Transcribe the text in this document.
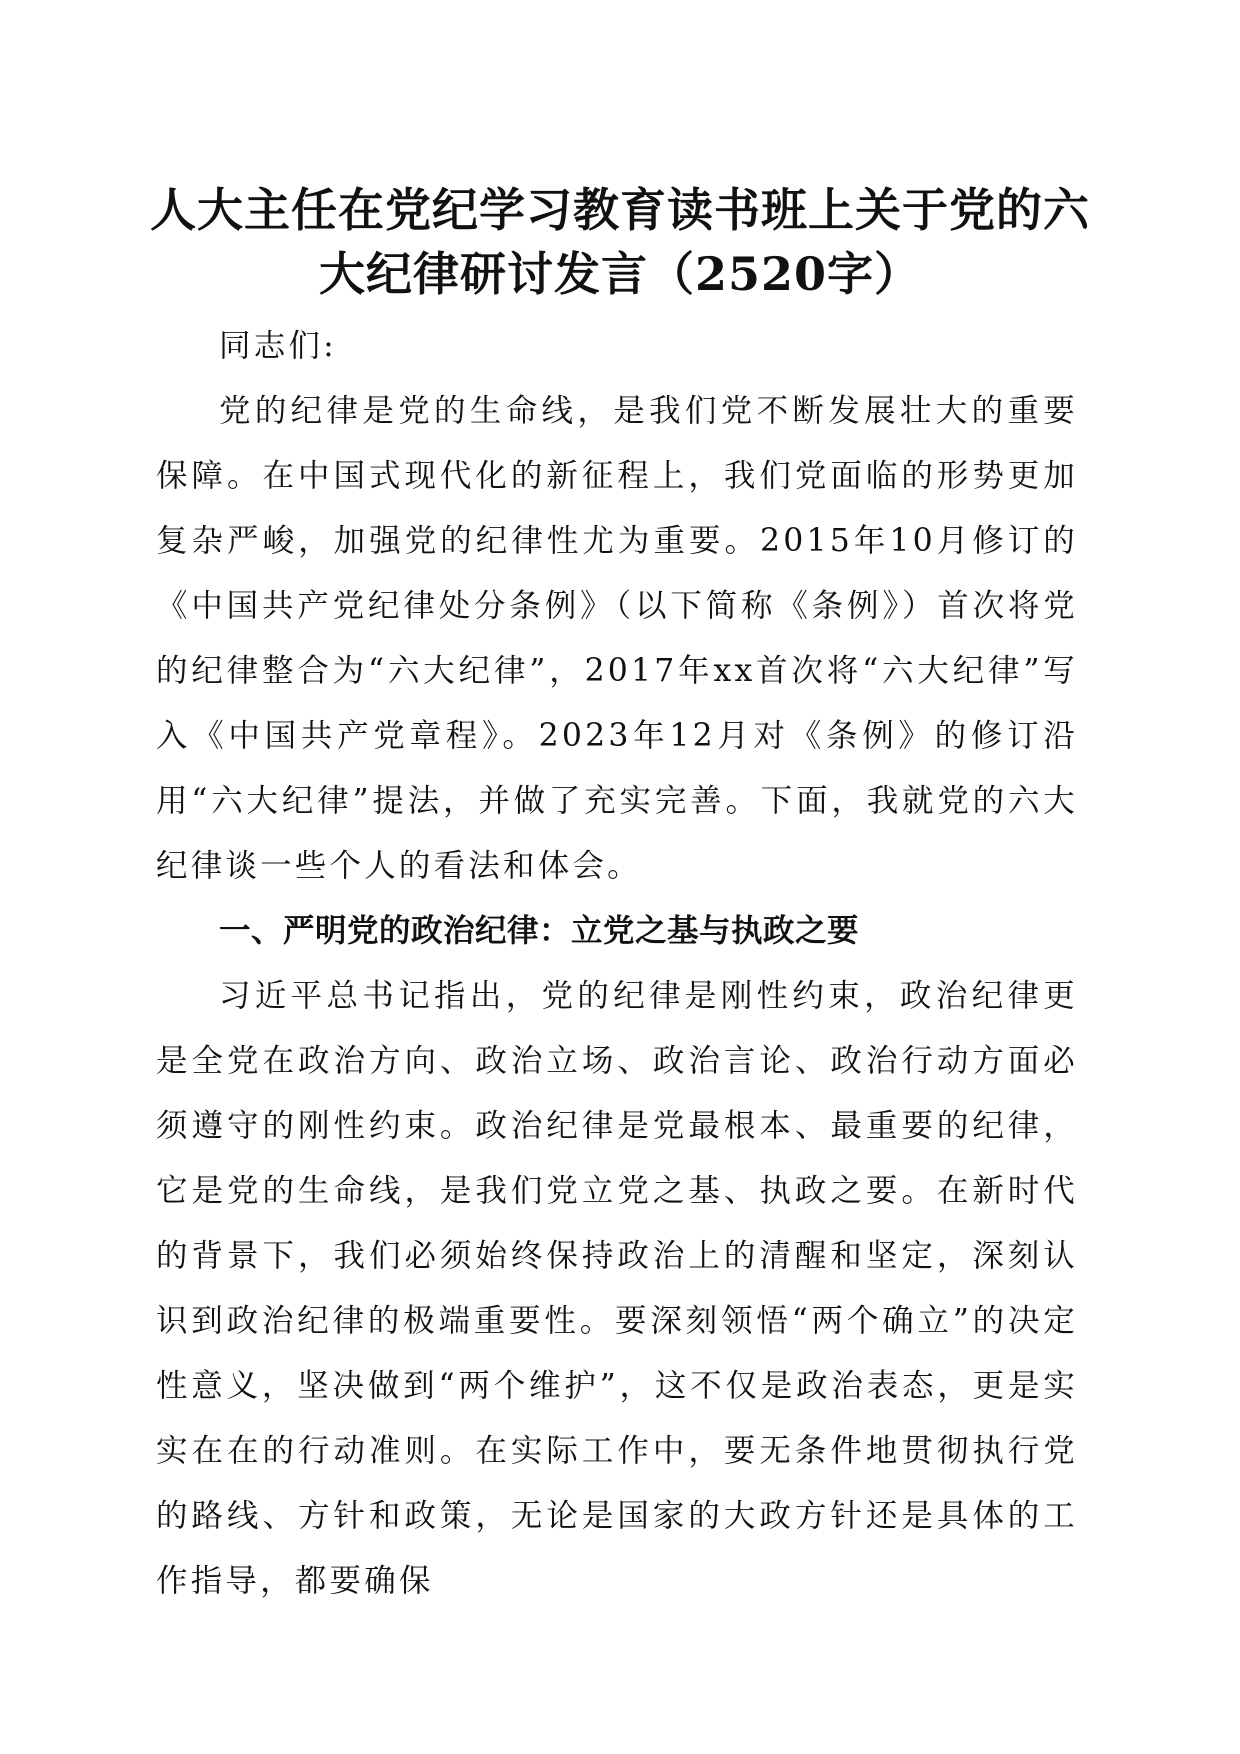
人大主任在党纪学习教育读书班上关于党的六大纪律研讨发言（2520字）

同志们:

党的纪律是党的生命线，是我们党不断发展壮大的重要保障。在中国式现代化的新征程上，我们党面临的形势更加复杂严峻，加强党的纪律性尤为重要。2015年10月修订的《中国共产党纪律处分条例》（以下简称《条例》）首次将党的纪律整合为“六大纪律”，2017年xx首次将“六大纪律”写入《中国共产党章程》。2023年12月对《条例》的修订沿用“六大纪律”提法，并做了充实完善。下面，我就党的六大纪律谈一些个人的看法和体会。

一、严明党的政治纪律：立党之基与执政之要

习近平总书记指出，党的纪律是刚性约束，政治纪律更是全党在政治方向、政治立场、政治言论、政治行动方面必须遵守的刚性约束。政治纪律是党最根本、最重要的纪律，它是党的生命线，是我们党立党之基、执政之要。在新时代的背景下，我们必须始终保持政治上的清醒和坚定，深刻认识到政治纪律的极端重要性。要深刻领悟“两个确立”的决定性意义，坚决做到“两个维护”，这不仅是政治表态，更是实实在在的行动准则。在实际工作中，要无条件地贯彻执行党的路线、方针和政策，无论是国家的大政方针还是具体的工作指导，都要确保
